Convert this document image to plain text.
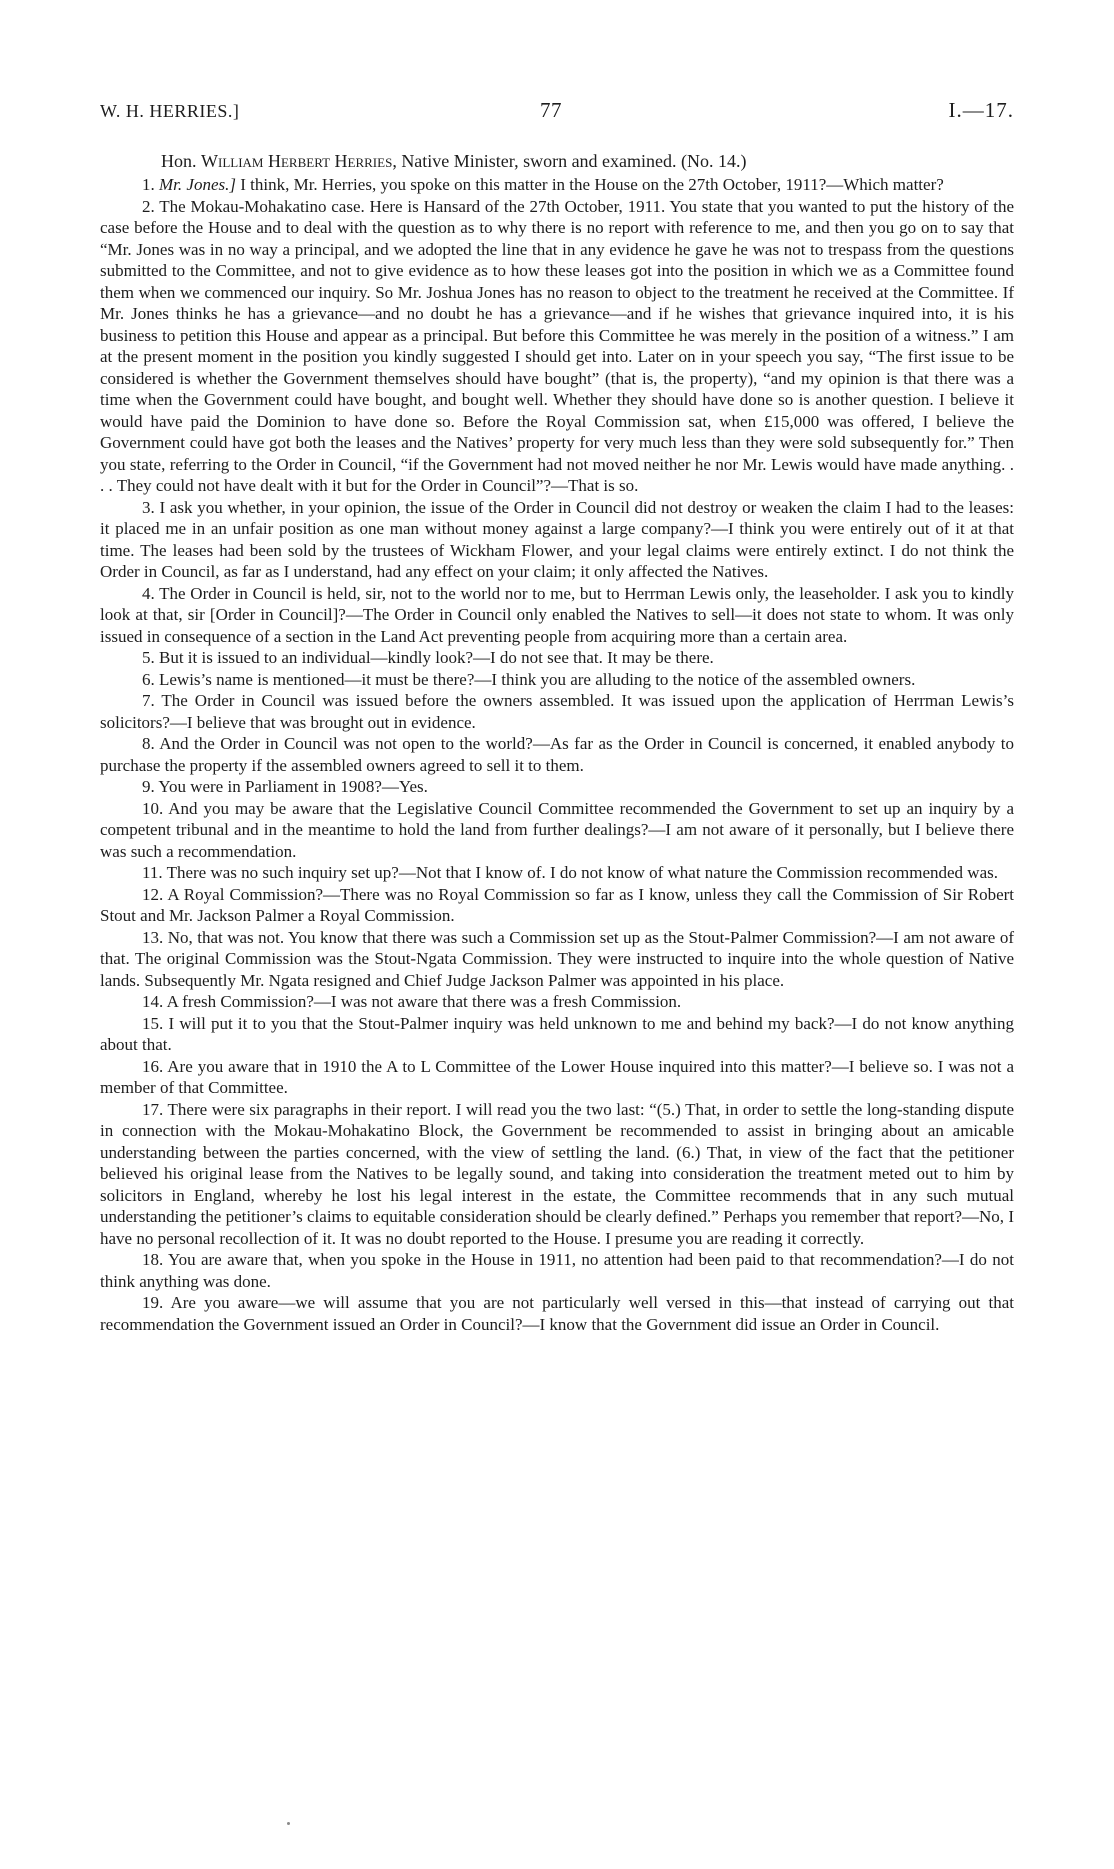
W. H. HERRIES.]	77	I.—17.
Hon. William Herbert Herries, Native Minister, sworn and examined. (No. 14.)

1. Mr. Jones.] I think, Mr. Herries, you spoke on this matter in the House on the 27th October, 1911?—Which matter?

2. The Mokau-Mohakatino case. Here is Hansard of the 27th October, 1911. You state that you wanted to put the history of the case before the House and to deal with the question as to why there is no report with reference to me, and then you go on to say that “Mr. Jones was in no way a principal, and we adopted the line that in any evidence he gave he was not to trespass from the questions submitted to the Committee, and not to give evidence as to how these leases got into the position in which we as a Committee found them when we commenced our inquiry. So Mr. Joshua Jones has no reason to object to the treatment he received at the Committee. If Mr. Jones thinks he has a grievance—and no doubt he has a grievance—and if he wishes that grievance inquired into, it is his business to petition this House and appear as a principal. But before this Committee he was merely in the position of a witness.” I am at the present moment in the position you kindly suggested I should get into. Later on in your speech you say, “The first issue to be considered is whether the Government themselves should have bought” (that is, the property), “and my opinion is that there was a time when the Government could have bought, and bought well. Whether they should have done so is another question. I believe it would have paid the Dominion to have done so. Before the Royal Commission sat, when £15,000 was offered, I believe the Government could have got both the leases and the Natives’ property for very much less than they were sold subsequently for.” Then you state, referring to the Order in Council, “if the Government had not moved neither he nor Mr. Lewis would have made anything. . . . They could not have dealt with it but for the Order in Council”?—That is so.

3. I ask you whether, in your opinion, the issue of the Order in Council did not destroy or weaken the claim I had to the leases: it placed me in an unfair position as one man without money against a large company?—I think you were entirely out of it at that time. The leases had been sold by the trustees of Wickham Flower, and your legal claims were entirely extinct. I do not think the Order in Council, as far as I understand, had any effect on your claim; it only affected the Natives.

4. The Order in Council is held, sir, not to the world nor to me, but to Herrman Lewis only, the leaseholder. I ask you to kindly look at that, sir [Order in Council]?—The Order in Council only enabled the Natives to sell—it does not state to whom. It was only issued in consequence of a section in the Land Act preventing people from acquiring more than a certain area.

5. But it is issued to an individual—kindly look?—I do not see that. It may be there.

6. Lewis’s name is mentioned—it must be there?—I think you are alluding to the notice of the assembled owners.

7. The Order in Council was issued before the owners assembled. It was issued upon the application of Herrman Lewis’s solicitors?—I believe that was brought out in evidence.

8. And the Order in Council was not open to the world?—As far as the Order in Council is concerned, it enabled anybody to purchase the property if the assembled owners agreed to sell it to them.

9. You were in Parliament in 1908?—Yes.

10. And you may be aware that the Legislative Council Committee recommended the Government to set up an inquiry by a competent tribunal and in the meantime to hold the land from further dealings?—I am not aware of it personally, but I believe there was such a recommendation.

11. There was no such inquiry set up?—Not that I know of. I do not know of what nature the Commission recommended was.

12. A Royal Commission?—There was no Royal Commission so far as I know, unless they call the Commission of Sir Robert Stout and Mr. Jackson Palmer a Royal Commission.

13. No, that was not. You know that there was such a Commission set up as the Stout-Palmer Commission?—I am not aware of that. The original Commission was the Stout-Ngata Commission. They were instructed to inquire into the whole question of Native lands. Subsequently Mr. Ngata resigned and Chief Judge Jackson Palmer was appointed in his place.

14. A fresh Commission?—I was not aware that there was a fresh Commission.

15. I will put it to you that the Stout-Palmer inquiry was held unknown to me and behind my back?—I do not know anything about that.

16. Are you aware that in 1910 the A to L Committee of the Lower House inquired into this matter?—I believe so. I was not a member of that Committee.

17. There were six paragraphs in their report. I will read you the two last: “(5.) That, in order to settle the long-standing dispute in connection with the Mokau-Mohakatino Block, the Government be recommended to assist in bringing about an amicable understanding between the parties concerned, with the view of settling the land. (6.) That, in view of the fact that the petitioner believed his original lease from the Natives to be legally sound, and taking into consideration the treatment meted out to him by solicitors in England, whereby he lost his legal interest in the estate, the Committee recommends that in any such mutual understanding the petitioner’s claims to equitable consideration should be clearly defined.” Perhaps you remember that report?—No, I have no personal recollection of it. It was no doubt reported to the House. I presume you are reading it correctly.

18. You are aware that, when you spoke in the House in 1911, no attention had been paid to that recommendation?—I do not think anything was done.

19. Are you aware—we will assume that you are not particularly well versed in this—that instead of carrying out that recommendation the Government issued an Order in Council?—I know that the Government did issue an Order in Council.
